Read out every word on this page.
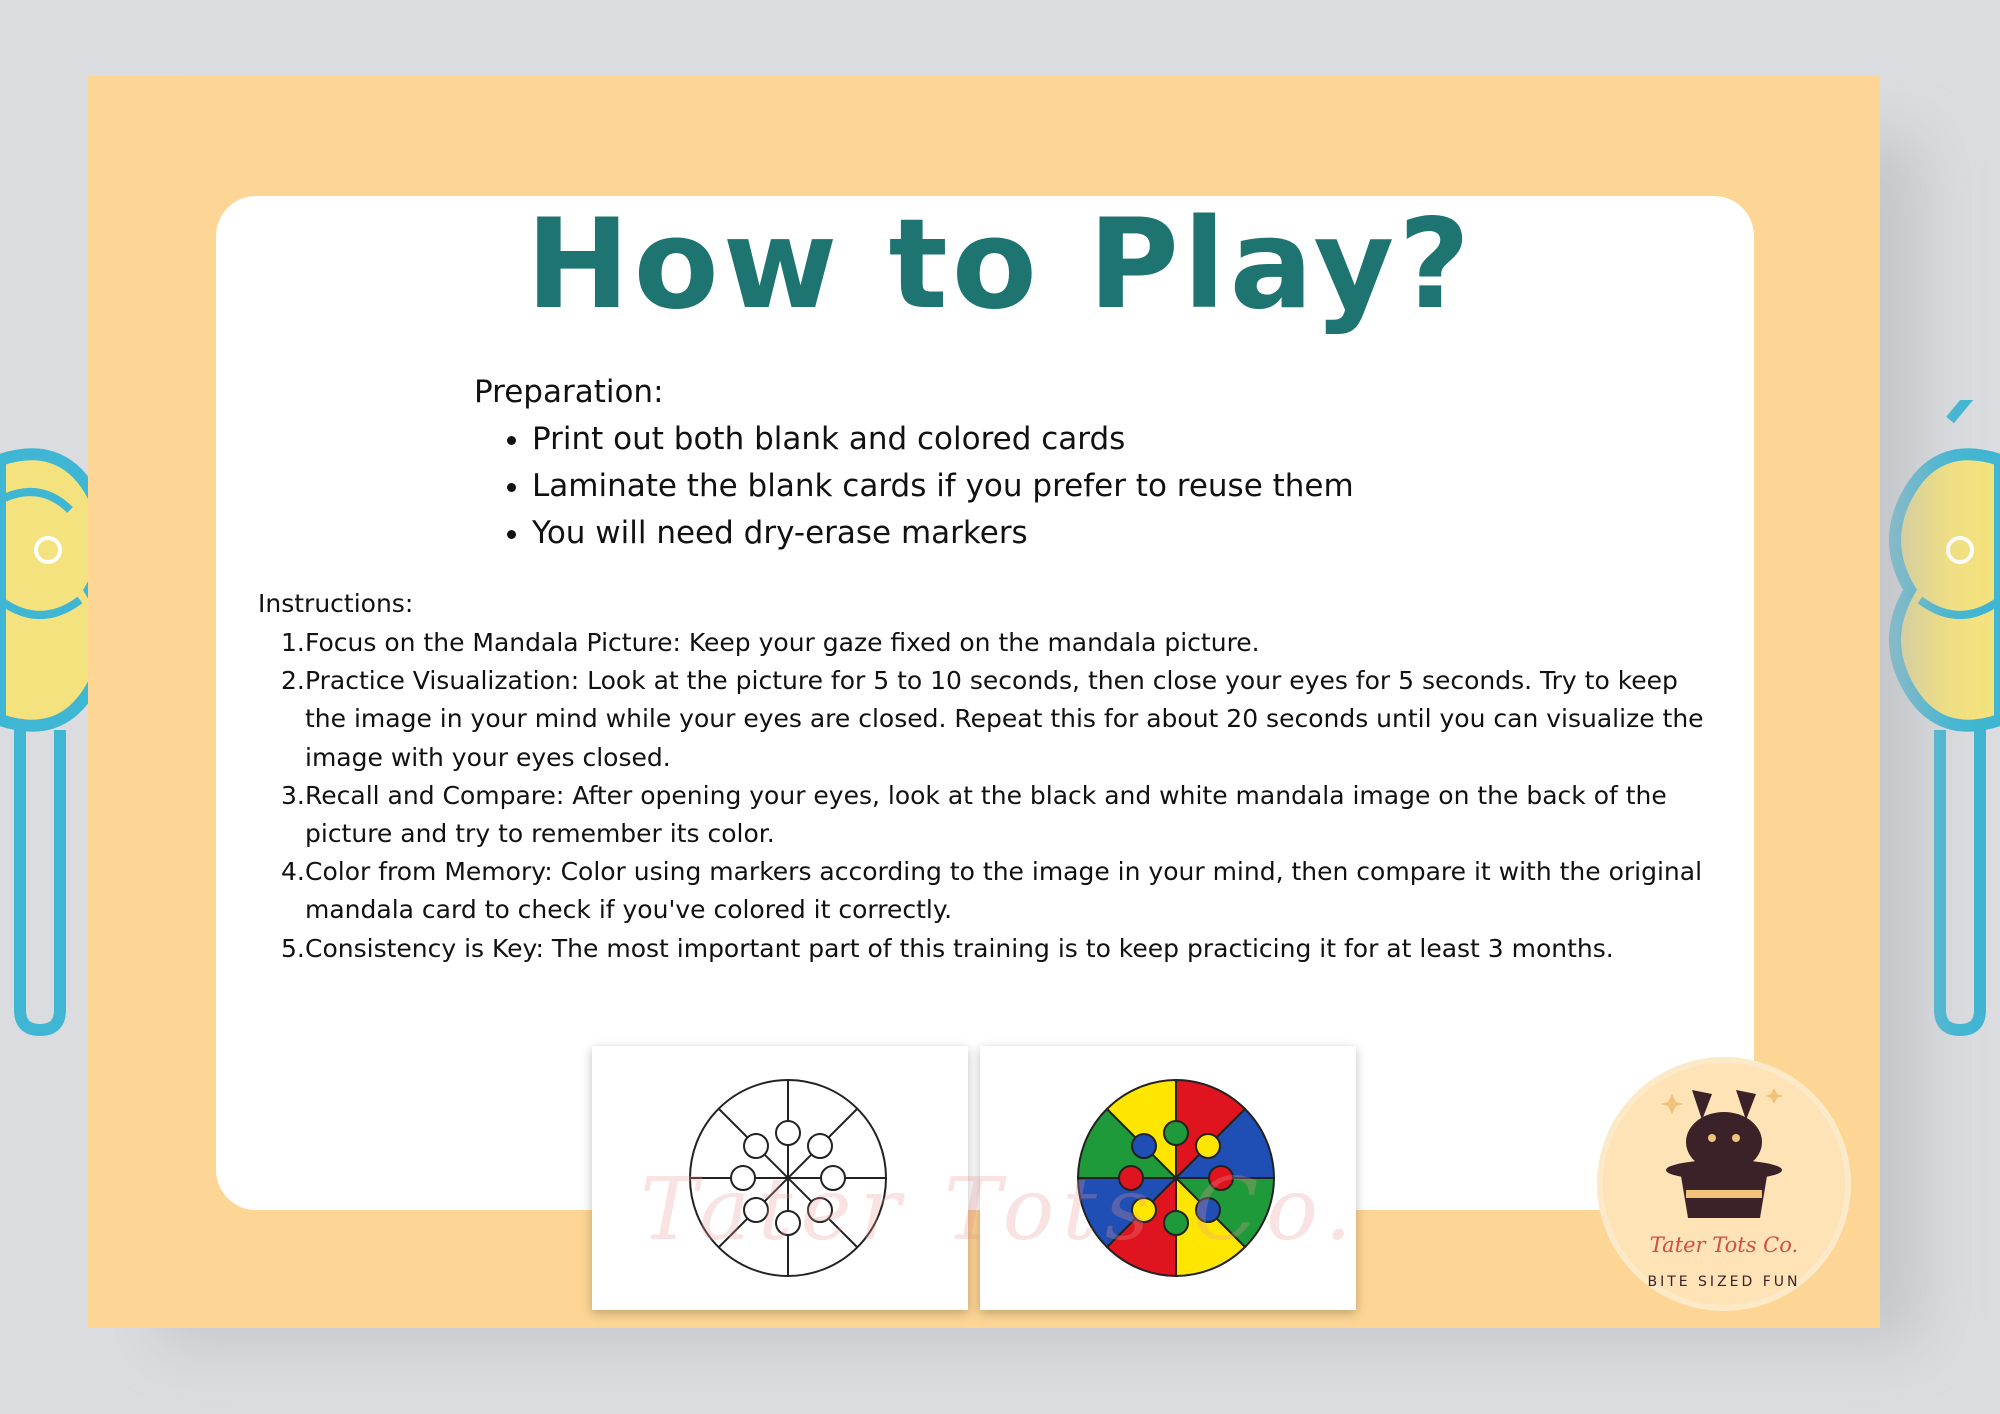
How to Play?
Preparation:
• Print out both blank and colored cards
• Laminate the blank cards if you prefer to reuse them
• You will need dry-erase markers
Instructions:
1. Focus on the Mandala Picture: Keep your gaze fixed on the mandala picture.
2. Practice Visualization: Look at the picture for 5 to 10 seconds, then close your eyes for 5 seconds. Try to keep the image in your mind while your eyes are closed. Repeat this for about 20 seconds until you can visualize the image with your eyes closed.
3. Recall and Compare: After opening your eyes, look at the black and white mandala image on the back of the picture and try to remember its color.
4. Color from Memory: Color using markers according to the image in your mind, then compare it with the original mandala card to check if you've colored it correctly.
5. Consistency is Key: The most important part of this training is to keep practicing it for at least 3 months.
Tater Tots Co.	Tater Tots Co.
BITE SIZED FUN
